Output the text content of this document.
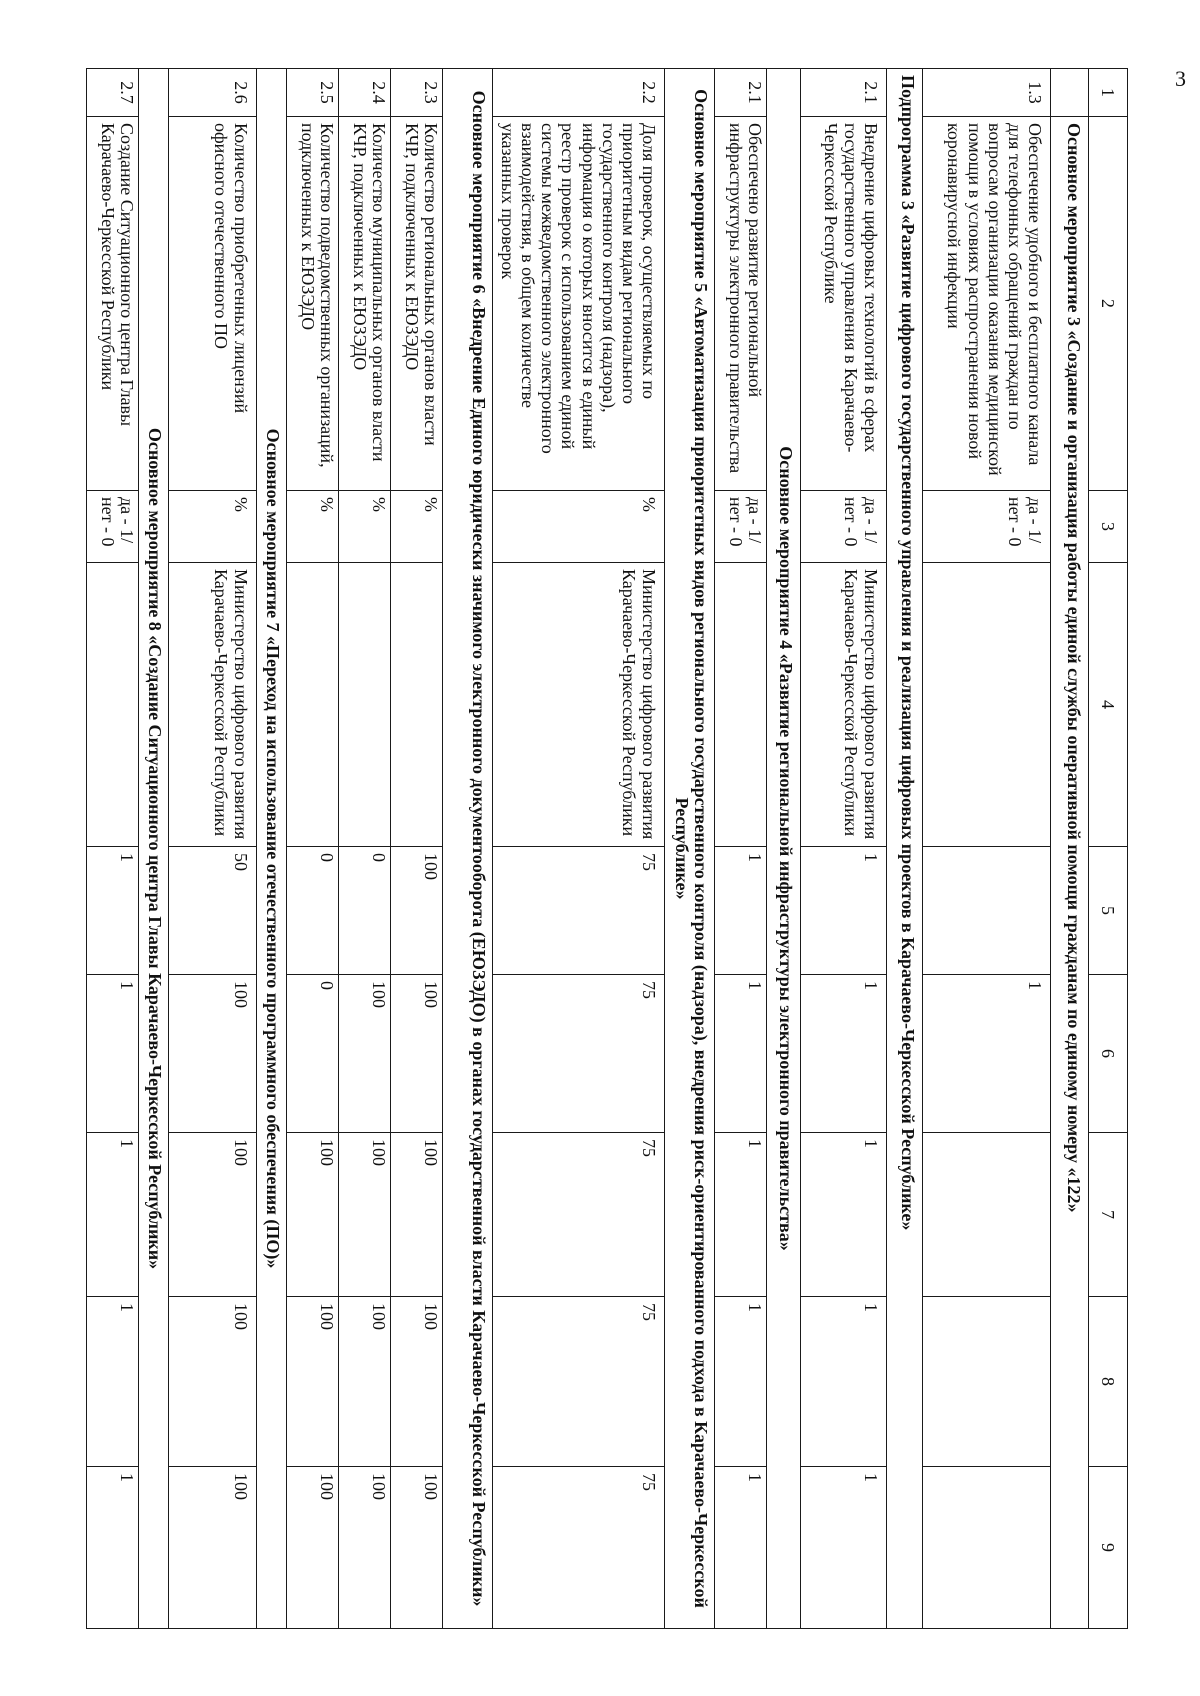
3
1	2	3	4	5	6	7	8	9
	Основное мероприятие 3 «Создание и организация работы единой службы оперативной помощи гражданам по единому номеру «122»							
1.3	Обеспечение удобного и бесплатного канала для телефонных обращений граждан по вопросам организации оказания медицинской помощи в условиях распространения новой коронавирусной инфекции	да - 1/ нет - 0			1			
Подпрограмма 3 «Развитие цифрового государственного управления и реализация цифровых проектов в Карачаево-Черкесской Республике»								
2.1	Внедрение цифровых технологий в сферах государственного управления в Карачаево-Черкесской Республике	да - 1/ нет - 0	Министерство цифрового развития Карачаево-Черкесской Республики	1	1	1	1	1
Основное мероприятие 4 «Развитие региональной инфраструктуры электронного правительства»								
2.1	Обеспечено развитие региональной инфраструктуры электронного правительства	да - 1/ нет - 0		1	1	1	1	1
Основное мероприятие 5 «Автоматизация приоритетных видов регионального государственного контроля (надзора), внедрения риск-ориентированного подхода в Карачаево-Черкесской Республике»								
2.2	Доля проверок, осуществляемых по приоритетным видам регионального государственного контроля (надзора), информация о которых вносится в единый реестр проверок с использованием единой системы межведомственного электронного взаимодействия, в общем количестве указанных проверок	%	Министерство цифрового развития Карачаево-Черкесской Республики	75	75	75	75	75
Основное мероприятие 6 «Внедрение Единого юридически значимого электронного документооборота (ЕЮЗЭДО) в органах государственной власти Карачаево-Черкесской Республики»								
2.3	Количество региональных органов власти КЧР, подключенных к ЕЮЗЭДО	%		100	100	100	100	100
2.4	Количество муниципальных органов власти КЧР, подключенных к ЕЮЗЭДО	%		0	100	100	100	100
2.5	Количество подведомственных организаций, подключенных к ЕЮЗЭДО	%		0	0	100	100	100
Основное мероприятие 7 «Переход на использование отечественного программного обеспечения (ПО)»								
2.6	Количество приобретенных лицензий офисного отечественного ПО	%	Министерство цифрового развития Карачаево-Черкесской Республики	50	100	100	100	100
Основное мероприятие 8 «Создание Ситуационного центра Главы Карачаево-Черкесской Республики»								
2.7	Создание Ситуационного центра Главы Карачаево-Черкесской Республики	да - 1/ нет - 0		1	1	1	1	1
